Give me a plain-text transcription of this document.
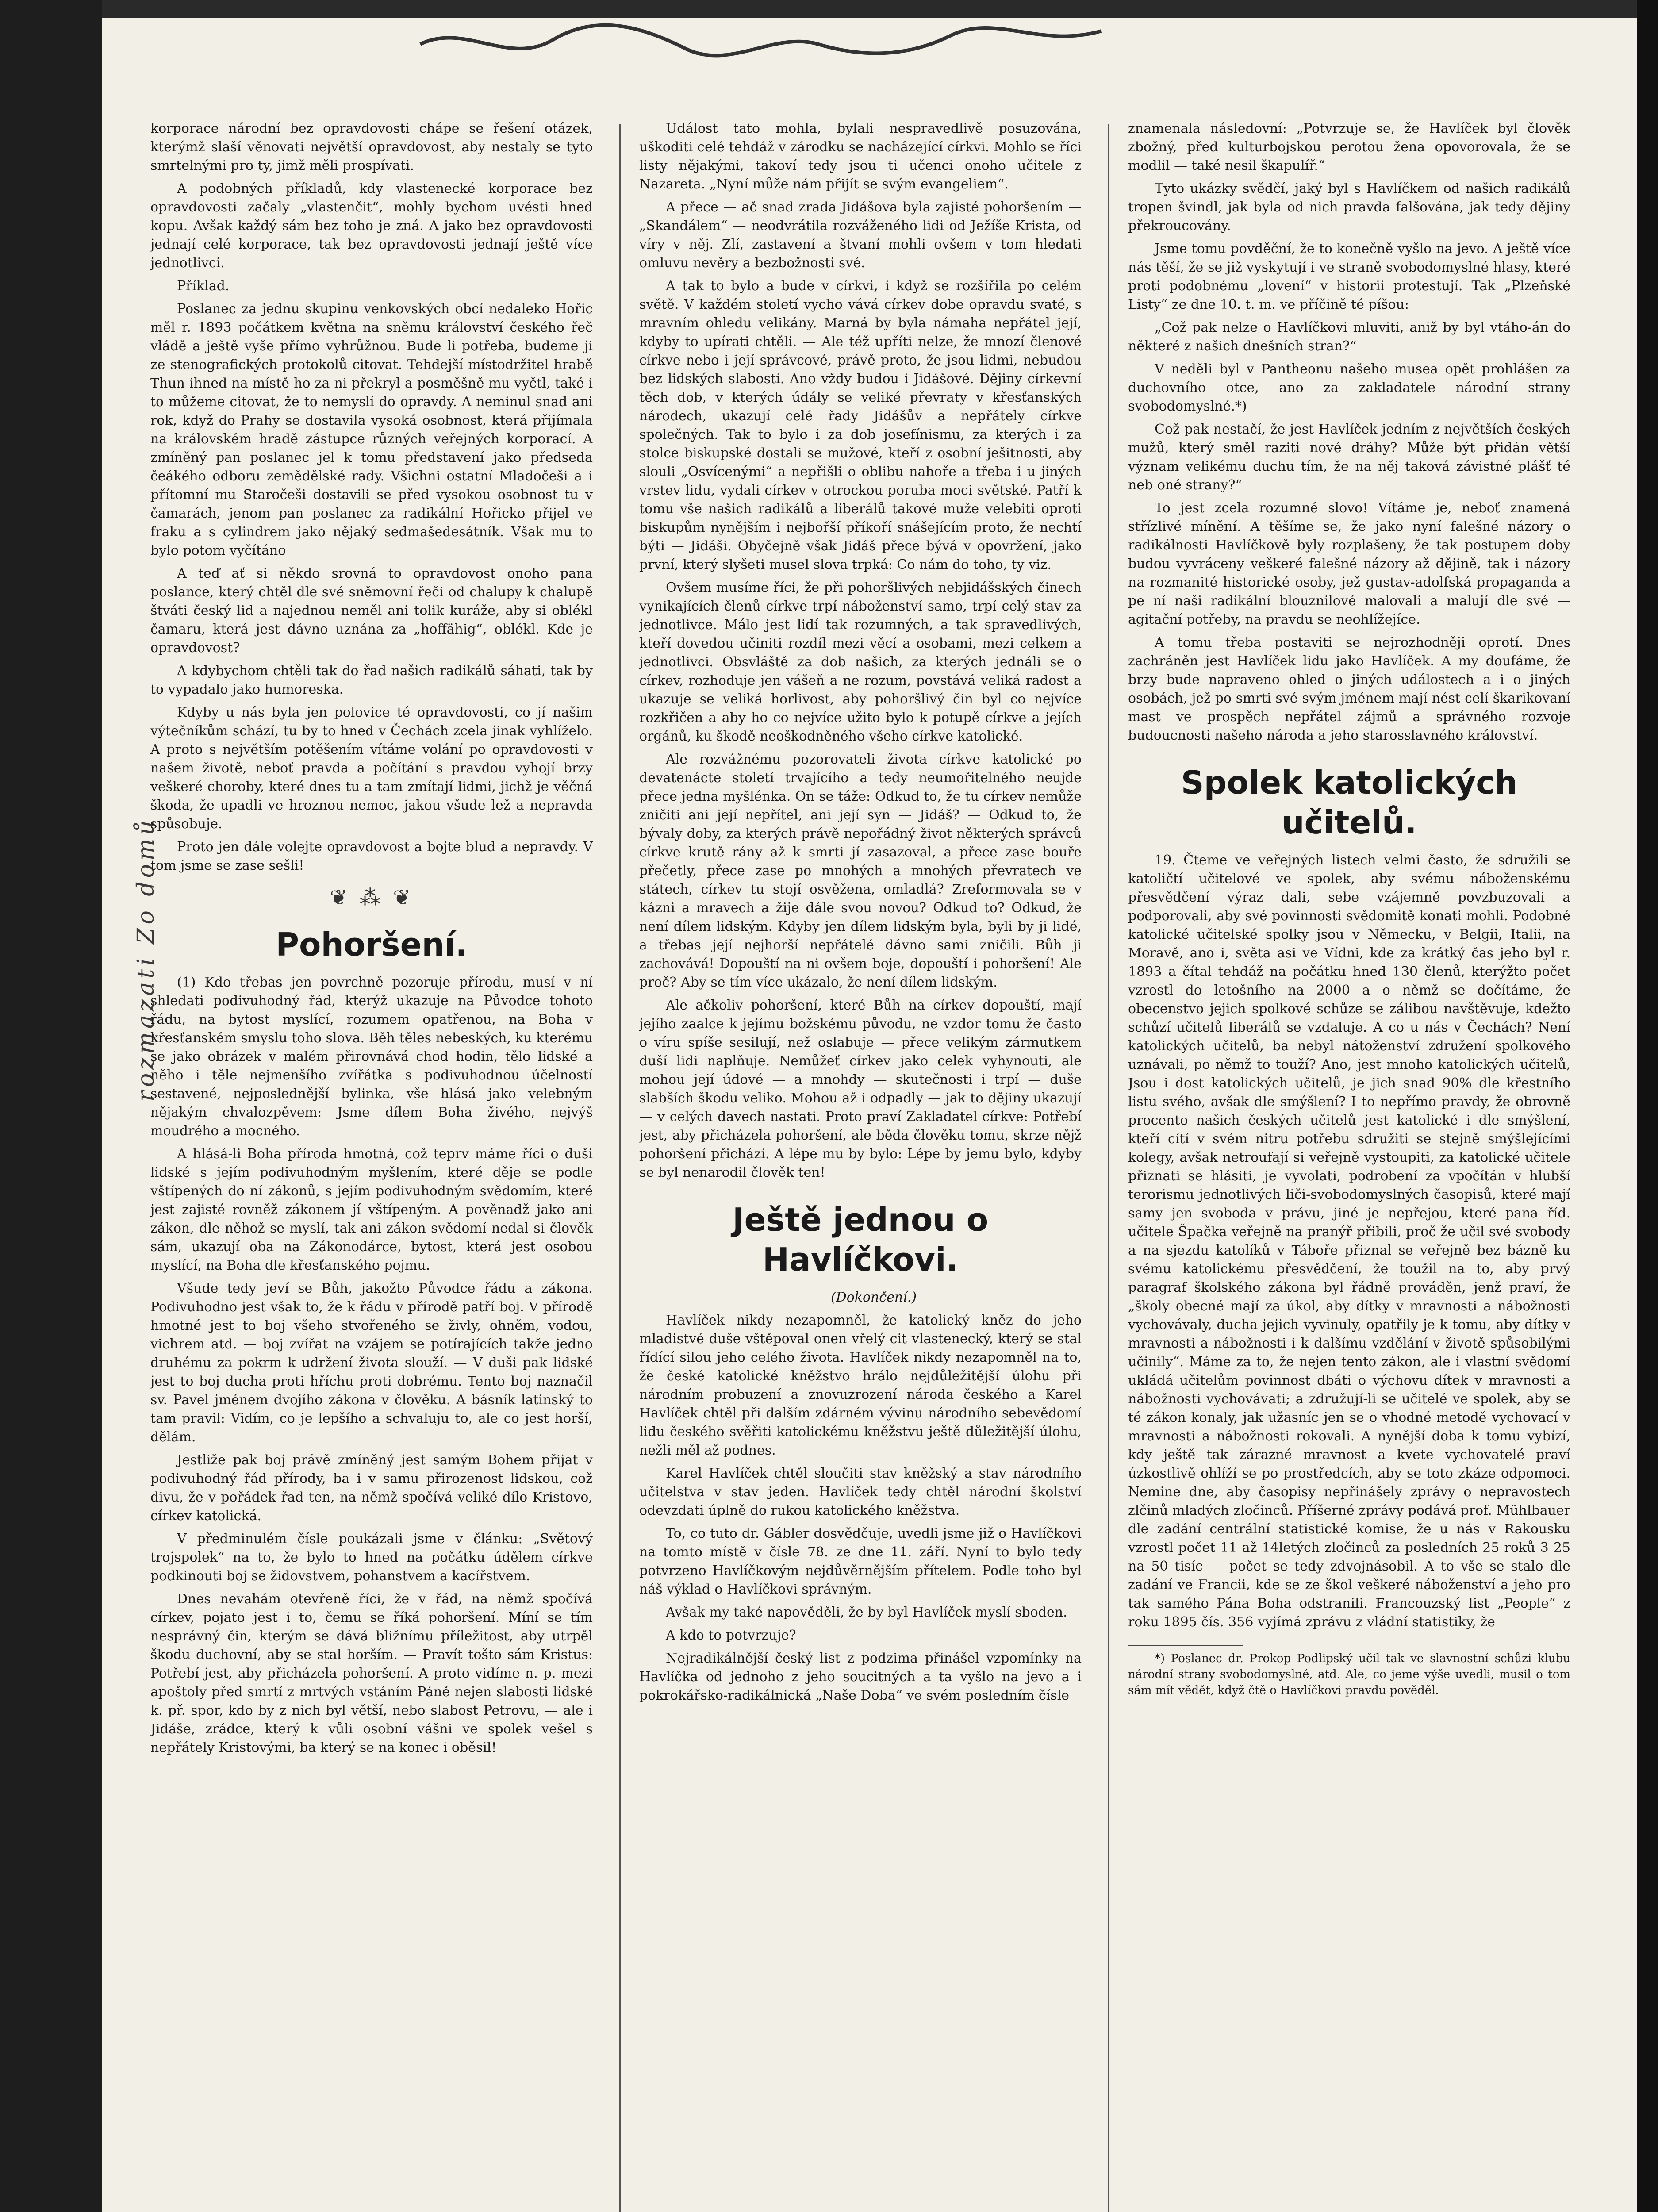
rozmazati Zo domů

korporace národní bez opravdovosti chápe se řešení otázek, kterýmž slaší věnovati největší opravdovost, aby nestaly se tyto smrtelnými pro ty, jimž měli prospívati.

A podobných příkladů, kdy vlastenecké korporace bez opravdovosti začaly „vlastenčit“, mohly bychom uvésti hned kopu. Avšak každý sám bez toho je zná. A jako bez opravdovosti jednají celé korporace, tak bez opravdovosti jednají ještě více jednotlivci.

Příklad.

Poslanec za jednu skupinu venkovských obcí nedaleko Hořic měl r. 1893 počátkem května na sněmu království českého řeč vládě a ještě vyše přímo vyhrůžnou. Bude li potřeba, budeme ji ze stenografických protokolů citovat. Tehdejší místodržitel hrabě Thun ihned na místě ho za ni překryl a posměšně mu vyčtl, také i to můžeme citovat, že to nemyslí do opravdy. A neminul snad ani rok, když do Prahy se dostavila vysoká osobnost, která přijímala na královském hradě zástupce různých veřejných korporací. A zmíněný pan poslanec jel k tomu představení jako předseda čeákého odboru zemědělské rady. Všichni ostatní Mladočeši a i přítomní mu Staročeši dostavili se před vysokou osobnost tu v čamarách, jenom pan poslanec za radikální Hořicko přijel ve fraku a s cylindrem jako nějaký sedmašedesátník. Však mu to bylo potom vyčítáno

A teď ať si někdo srovná to opravdovost onoho pana poslance, který chtěl dle své sněmovní řeči od chalupy k chalupě štváti český lid a najednou neměl ani tolik kuráže, aby si oblékl čamaru, která jest dávno uznána za „hoffähig“, oblékl. Kde je opravdovost?

A kdybychom chtěli tak do řad našich radikálů sáhati, tak by to vypadalo jako humoreska.

Kdyby u nás byla jen polovice té opravdovosti, co jí našim výtečníkům schází, tu by to hned v Čechách zcela jinak vyhlíželo. A proto s největším potěšením vítáme volání po opravdovosti v našem životě, neboť pravda a počítání s pravdou vyhojí brzy veškeré choroby, které dnes tu a tam zmítají lidmi, jichž je věčná škoda, že upadli ve hroznou nemoc, jakou všude lež a nepravda spůsobuje.

Proto jen dále volejte opravdovost a bojte blud a nepravdy. V tom jsme se zase sešli!

❦ ⁂ ❦
Pohoršení.

(1) Kdo třebas jen povrchně pozoruje přírodu, musí v ní shledati podivuhodný řád, kterýž ukazuje na Původce tohoto řádu, na bytost myslící, rozumem opatřenou, na Boha v křesťanském smyslu toho slova. Běh těles nebeských, ku kterému se jako obrázek v malém přirovnává chod hodin, tělo lidské a něho i těle nejmenšího zvířátka s podivuhodnou účelností sestavené, nejposlednější bylinka, vše hlásá jako velebným nějakým chvalozpěvem: Jsme dílem Boha živého, nejvýš moudrého a mocného.

A hlásá-li Boha příroda hmotná, což teprv máme říci o duši lidské s jejím podivuhodným myšlením, které děje se podle vštípených do ní zákonů, s jejím podivuhodným svědomím, které jest zajisté rovněž zákonem jí vštípeným. A pověnadž jako ani zákon, dle něhož se myslí, tak ani zákon svědomí nedal si člověk sám, ukazují oba na Zákonodárce, bytost, která jest osobou myslící, na Boha dle křesťanského pojmu.

Všude tedy jeví se Bůh, jakožto Původce řádu a zákona. Podivuhodno jest však to, že k řádu v přírodě patří boj. V přírodě hmotné jest to boj všeho stvořeného se živly, ohněm, vodou, vichrem atd. — boj zvířat na vzájem se potírajících takže jedno druhému za pokrm k udržení života slouží. — V duši pak lidské jest to boj ducha proti hříchu proti dobrému. Tento boj naznačil sv. Pavel jménem dvojího zákona v člověku. A básník latinský to tam pravil: Vidím, co je lepšího a schvaluju to, ale co jest horší, dělám.

Jestliže pak boj právě zmíněný jest samým Bohem přijat v podivuhodný řád přírody, ba i v samu přirozenost lidskou, což divu, že v pořádek řad ten, na němž spočívá veliké dílo Kristovo, církev katolická.

V předminulém čísle poukázali jsme v článku: „Světový trojspolek“ na to, že bylo to hned na počátku údělem církve podkinouti boj se židovstvem, pohanstvem a kacířstvem.

Dnes nevahám otevřeně říci, že v řád, na němž spočívá církev, pojato jest i to, čemu se říká pohoršení. Míní se tím nesprávný čin, kterým se dává bližnímu příležitost, aby utrpěl škodu duchovní, aby se stal horším. — Pravít tošto sám Kristus: Potřebí jest, aby přicházela pohoršení. A proto vidíme n. p. mezi apoštoly před smrtí z mrtvých vstáním Páně nejen slabosti lidské k. př. spor, kdo by z nich byl větší, nebo slabost Petrovu, — ale i Jidáše, zrádce, který k vůli osobní vášni ve spolek vešel s nepřátely Kristovými, ba který se na konec i oběsil!

Událost tato mohla, bylali nespravedlivě posuzována, uškoditi celé tehdáž v zárodku se nacházející církvi. Mohlo se říci listy nějakými, takoví tedy jsou ti učenci onoho učitele z Nazareta. „Nyní může nám přijít se svým evangeliem“.

A přece — ač snad zrada Jidášova byla zajisté pohoršením — „Skandálem“ — neodvrátila rozváženého lidi od Ježíše Krista, od víry v něj. Zlí, zastavení a štvaní mohli ovšem v tom hledati omluvu nevěry a bezbožnosti své.

A tak to bylo a bude v církvi, i když se rozšířila po celém světě. V každém století vycho vává církev dobe opravdu svaté, s mravním ohledu velikány. Marná by byla námaha nepřátel její, kdyby to upírati chtěli. — Ale též upříti nelze, že mnozí členové církve nebo i její správcové, právě proto, že jsou lidmi, nebudou bez lidských slabostí. Ano vždy budou i Jidášové. Dějiny církevní těch dob, v kterých údály se veliké převraty v křesťanských národech, ukazují celé řady Jidášův a nepřátely církve společných. Tak to bylo i za dob josefínismu, za kterých i za stolce biskupské dostali se mužové, kteří z osobní ješitnosti, aby slouli „Osvícenými“ a nepřišli o oblibu nahoře a třeba i u jiných vrstev lidu, vydali církev v otrockou poruba moci světské. Patří k tomu vše našich radikálů a liberálů takové muže velebiti oproti biskupům nynějším i nejbořší příkoří snášejícím proto, že nechtí býti — Jidáši. Obyčejně však Jidáš přece bývá v opovržení, jako první, který slyšeti musel slova trpká: Co nám do toho, ty viz.

Ovšem musíme říci, že při pohoršlivých nebjidášských činech vynikajících členů církve trpí náboženství samo, trpí celý stav za jednotlivce. Málo jest lidí tak rozumných, a tak spravedlivých, kteří dovedou učiniti rozdíl mezi věcí a osobami, mezi celkem a jednotlivci. Obsvláště za dob našich, za kterých jednáli se o církev, rozhoduje jen vášeň a ne rozum, povstává veliká radost a ukazuje se veliká horlivost, aby pohoršlivý čin byl co nejvíce rozkřičen a aby ho co nejvíce užito bylo k potupě církve a jejích orgánů, ku škodě neoškodněného všeho církve katolické.

Ale rozvážnému pozorovateli života církve katolické po devatenácte století trvajícího a tedy neumořitelného neujde přece jedna myšlénka. On se táže: Odkud to, že tu církev nemůže zničiti ani její nepřítel, ani její syn — Jidáš? — Odkud to, že bývaly doby, za kterých právě nepořádný život některých správců církve krutě rány až k smrti jí zasazoval, a přece zase bouře přečetly, přece zase po mnohých a mnohých převratech ve státech, církev tu stojí osvěžena, omladlá? Zreformovala se v kázni a mravech a žije dále svou novou? Odkud to? Odkud, že není dílem lidským. Kdyby jen dílem lidským byla, byli by ji lidé, a třebas její nejhorší nepřátelé dávno sami zničili. Bůh ji zachovává! Dopouští na ni ovšem boje, dopouští i pohoršení! Ale proč? Aby se tím více ukázalo, že není dílem lidským.

Ale ačkoliv pohoršení, které Bůh na církev dopouští, mají jejího zaalce k jejímu božskému původu, ne vzdor tomu že často o víru spíše sesilují, než oslabuje — přece velikým zármutkem duší lidi naplňuje. Nemůžeť církev jako celek vyhynouti, ale mohou její údové — a mnohdy — skutečnosti i trpí — duše slabších škodu veliko. Mohou až i odpadly — jak to dějiny ukazují — v celých davech nastati. Proto praví Zakladatel církve: Potřebí jest, aby přicházela pohoršení, ale běda člověku tomu, skrze nějž pohoršení přichází. A lépe mu by bylo: Lépe by jemu bylo, kdyby se byl nenarodil člověk ten!

Ještě jednou o Havlíčkovi.

(Dokončení.)

Havlíček nikdy nezapomněl, že katolický kněz do jeho mladistvé duše vštěpoval onen vřelý cit vlastenecký, který se stal řídící silou jeho celého života. Havlíček nikdy nezapomněl na to, že české katolické kněžstvo hrálo nejdůležitější úlohu při národním probuzení a znovuzrození národa českého a Karel Havlíček chtěl při dalším zdárném vývinu národního sebevědomí lidu českého svěřiti katolickému kněžstvu ještě důležitější úlohu, nežli měl až podnes.

Karel Havlíček chtěl sloučiti stav kněžský a stav národního učitelstva v stav jeden. Havlíček tedy chtěl národní školství odevzdati úplně do rukou katolického kněžstva.

To, co tuto dr. Gábler dosvědčuje, uvedli jsme již o Havlíčkovi na tomto místě v čísle 78. ze dne 11. září. Nyní to bylo tedy potvrzeno Havlíčkovým nejdůvěrnějším přítelem. Podle toho byl náš výklad o Havlíčkovi správným.

Avšak my také napověděli, že by byl Havlíček myslí sboden.

A kdo to potvrzuje?

Nejradikálnější český list z podzima přinášel vzpomínky na Havlíčka od jednoho z jeho soucitných a ta vyšlo na jevo a i pokrokářsko-radikálnická „Naše Doba“ ve svém posledním čísle

znamenala následovní: „Potvrzuje se, že Havlíček byl člověk zbožný, před kulturbojskou perotou žena opovorovala, že se modlil — také nesil škapulíř.“

Tyto ukázky svědčí, jaký byl s Havlíčkem od našich radikálů tropen švindl, jak byla od nich pravda falšována, jak tedy dějiny překroucovány.

Jsme tomu povděční, že to konečně vyšlo na jevo. A ještě více nás těší, že se již vyskytují i ve straně svobodomyslné hlasy, které proti podobnému „lovení“ v historii protestují. Tak „Plzeňské Listy“ ze dne 10. t. m. ve příčině té píšou:

„Což pak nelze o Havlíčkovi mluviti, aniž by byl vtáho-án do některé z našich dnešních stran?“

V neděli byl v Pantheonu našeho musea opět prohlášen za duchovního otce, ano za zakladatele národní strany svobodomyslné.*)

Což pak nestačí, že jest Havlíček jedním z největších českých mužů, který směl raziti nové dráhy? Může být přidán větší význam velikému duchu tím, že na něj taková závistné plášť té neb oné strany?“

To jest zcela rozumné slovo! Vítáme je, neboť znamená střízlivé mínění. A těšíme se, že jako nyní falešné názory o radikálnosti Havlíčkově byly rozplašeny, že tak postupem doby budou vyvráceny veškeré falešné názory až dějině, tak i názory na rozmanité historické osoby, jež gustav-adolfská propaganda a pe ní naši radikální blouznilové malovali a malují dle své — agitační potřeby, na pravdu se neohlížejíce.

A tomu třeba postaviti se nejrozhodněji oprotí. Dnes zachráněn jest Havlíček lidu jako Havlíček. A my doufáme, že brzy bude napraveno ohled o jiných událostech a i o jiných osobách, jež po smrti své svým jménem mají nést celí škarikovaní mast ve prospěch nepřátel zájmů a správného rozvoje budoucnosti našeho národa a jeho starosslavného království.

Spolek katolických učitelů.

19. Čteme ve veřejných listech velmi často, že sdružili se katoličtí učitelové ve spolek, aby svému náboženskému přesvědčení výraz dali, sebe vzájemně povzbuzovali a podporovali, aby své povinnosti svědomitě konati mohli. Podobné katolické učitelské spolky jsou v Německu, v Belgii, Italii, na Moravě, ano i, světa asi ve Vídni, kde za krátký čas jeho byl r. 1893 a čítal tehdáž na počátku hned 130 členů, kterýžto počet vzrostl do letošního na 2000 a o němž se dočítáme, že obecenstvo jejich spolkové schůze se zálibou navštěvuje, kdežto schůzí učitelů liberálů se vzdaluje. A co u nás v Čechách? Není katolických učitelů, ba nebyl nátoženství združení spolkového uznávali, po němž to touží? Ano, jest mnoho katolických učitelů, Jsou i dost katolických učitelů, je jich snad 90% dle křestního listu svého, avšak dle smýšlení? I to nepřímo pravdy, že obrovně procento našich českých učitelů jest katolické i dle smýšlení, kteří cítí v svém nitru potřebu sdružiti se stejně smýšlejícími kolegy, avšak netroufají si veřejně vystoupiti, za katolické učitele přiznati se hlásiti, je vyvolati, podrobení za vpočítán v hlubší terorismu jednotlivých liči-svobodomyslných časopisů, které mají samy jen svoboda v právu, jiné je nepřejou, které pana říd. učitele Špačka veřejně na pranýř přibili, proč že učil své svobody a na sjezdu katolíků v Táboře přiznal se veřejně bez bázně ku svému katolickému přesvědčení, že toužil na to, aby prvý paragraf školského zákona byl řádně prováděn, jenž praví, že „školy obecné mají za úkol, aby dítky v mravnosti a nábožnosti vychovávaly, ducha jejich vyvinuly, opatřily je k tomu, aby dítky v mravnosti a nábožnosti i k dalšímu vzdělání v životě spůsobilými učinily“. Máme za to, že nejen tento zákon, ale i vlastní svědomí ukládá učitelům povinnost dbáti o výchovu dítek v mravnosti a nábožnosti vychovávati; a združují-li se učitelé ve spolek, aby se té zákon konaly, jak užasníc jen se o vhodné metodě vychovací v mravnosti a nábožnosti rokovali. A nynější doba k tomu vybízí, kdy ještě tak zárazné mravnost a kvete vychovatelé praví úzkostlivě ohlíží se po prostředcích, aby se toto zkáze odpomoci. Nemine dne, aby časopisy nepřinášely zprávy o nepravostech zlčinů mladých zločinců. Příšerné zprávy podává prof. Mühlbauer dle zadání centrální statistické komise, že u nás v Rakousku vzrostl počet 11 až 14letých zločinců za posledních 25 roků 3 25 na 50 tisíc — počet se tedy zdvojnásobil. A to vše se stalo dle zadání ve Francii, kde se ze škol veškeré náboženství a jeho pro tak samého Pána Boha odstranili. Francouzský list „People“ z roku 1895 čís. 356 vyjímá zprávu z vládní statistiky, že

*) Poslanec dr. Prokop Podlipský učil tak ve slavnostní schůzi klubu národní strany svobodomyslné, atd. Ale, co jeme výše uvedli, musil o tom sám mít vědět, když čtě o Havlíčkovi pravdu pověděl.
